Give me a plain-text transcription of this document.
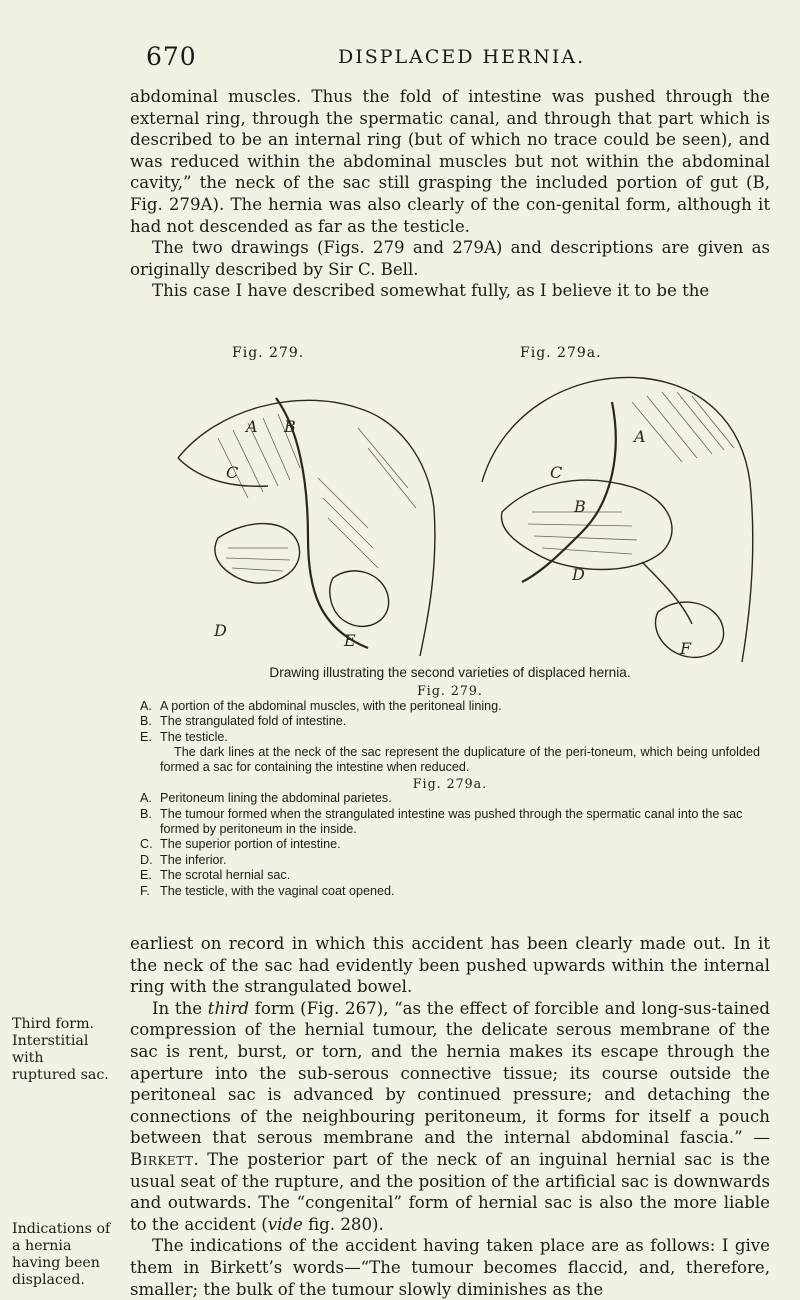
670	DISPLACED HERNIA.

abdominal muscles. Thus the fold of intestine was pushed through the external ring, through the spermatic canal, and through that part which is described to be an internal ring (but of which no trace could be seen), and was reduced within the abdominal muscles but not within the abdominal cavity,” the neck of the sac still grasping the included portion of gut (B, Fig. 279A). The hernia was also clearly of the con-genital form, although it had not descended as far as the testicle.

The two drawings (Figs. 279 and 279A) and descriptions are given as originally described by Sir C. Bell.

This case I have described somewhat fully, as I believe it to be the

Fig. 279.	Fig. 279a.
A B
C
D
E
A
C
B
D
F
Drawing illustrating the second varieties of displaced hernia.
Fig. 279.
A. A portion of the abdominal muscles, with the peritoneal lining.
B. The strangulated fold of intestine.
E. The testicle.
The dark lines at the neck of the sac represent the duplicature of the peri-toneum, which being unfolded formed a sac for containing the intestine when reduced.
Fig. 279a.
A. Peritoneum lining the abdominal parietes.
B. The tumour formed when the strangulated intestine was pushed through the spermatic canal into the sac formed by peritoneum in the inside.
C. The superior portion of intestine.
D. The inferior.
E. The scrotal hernial sac.
F. The testicle, with the vaginal coat opened.

earliest on record in which this accident has been clearly made out. In it the neck of the sac had evidently been pushed upwards within the internal ring with the strangulated bowel.

In the third form (Fig. 267), “as the effect of forcible and long-sus-tained compression of the hernial tumour, the delicate serous membrane of the sac is rent, burst, or torn, and the hernia makes its escape through the aperture into the sub-serous connective tissue; its course outside the peritoneal sac is advanced by continued pressure; and detaching the connections of the neighbouring peritoneum, it forms for itself a pouch between that serous membrane and the internal abdominal fascia.” —Birkett. The posterior part of the neck of an inguinal hernial sac is the usual seat of the rupture, and the position of the artificial sac is downwards and outwards. The “congenital” form of hernial sac is also the more liable to the accident (vide fig. 280).

The indications of the accident having taken place are as follows: I give them in Birkett’s words—“The tumour becomes flaccid, and, therefore, smaller; the bulk of the tumour slowly diminishes as the

Third form.
Interstitial
with
ruptured sac.
Indications of
a hernia
having been
displaced.
